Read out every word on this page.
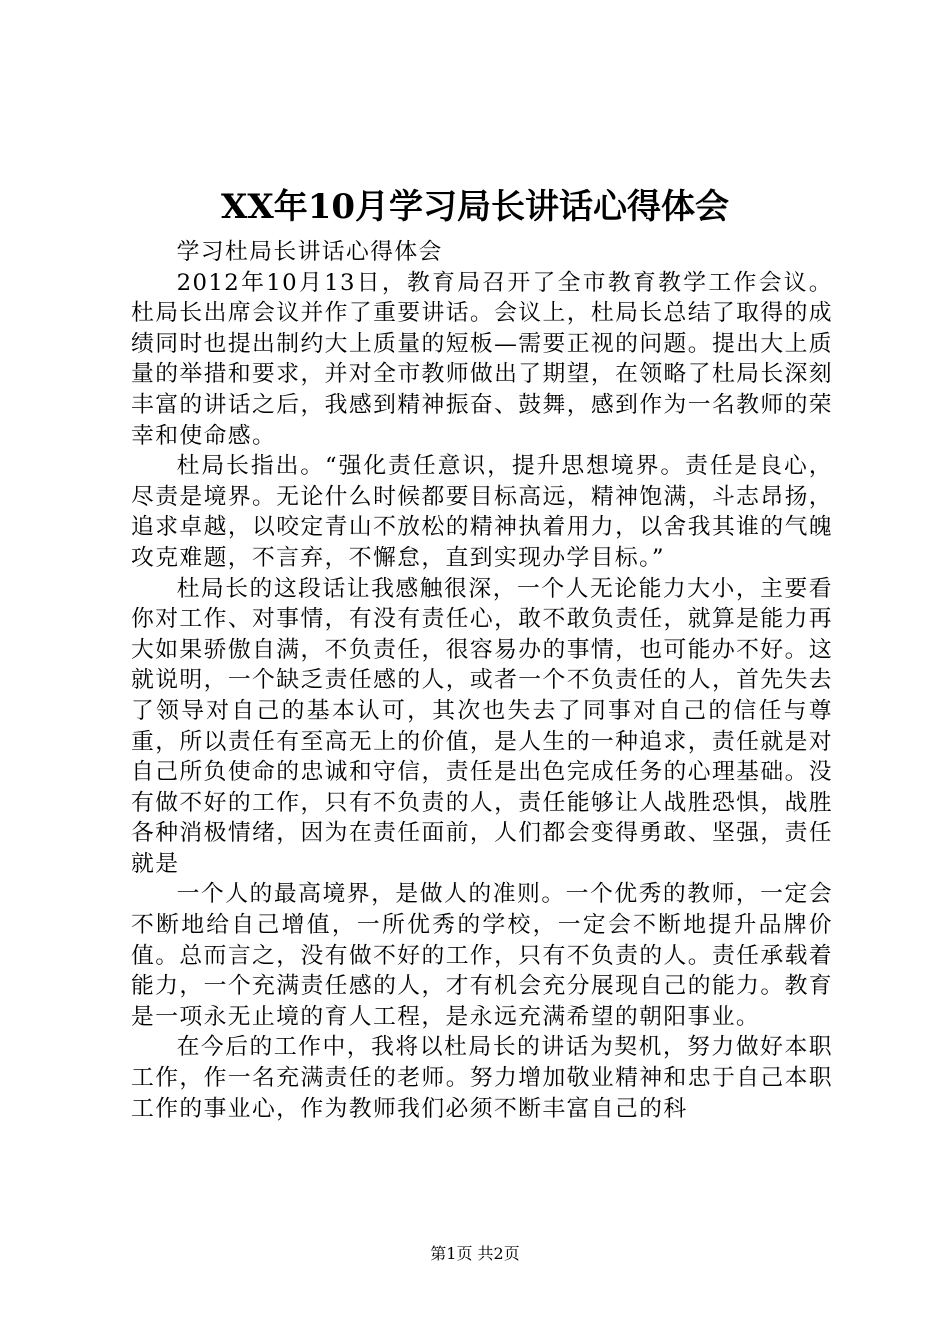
XX年10月学习局长讲话心得体会

学习杜局长讲话心得体会

2012年10月13日，教育局召开了全市教育教学工作会议。杜局长出席会议并作了重要讲话。会议上，杜局长总结了取得的成绩同时也提出制约大上质量的短板—需要正视的问题。提出大上质量的举措和要求，并对全市教师做出了期望，在领略了杜局长深刻丰富的讲话之后，我感到精神振奋、鼓舞，感到作为一名教师的荣幸和使命感。

杜局长指出。“强化责任意识，提升思想境界。责任是良心，尽责是境界。无论什么时候都要目标高远，精神饱满，斗志昂扬，追求卓越，以咬定青山不放松的精神执着用力，以舍我其谁的气魄攻克难题，不言弃，不懈怠，直到实现办学目标。”

杜局长的这段话让我感触很深，一个人无论能力大小，主要看你对工作、对事情，有没有责任心，敢不敢负责任，就算是能力再大如果骄傲自满，不负责任，很容易办的事情，也可能办不好。这就说明，一个缺乏责任感的人，或者一个不负责任的人，首先失去了领导对自己的基本认可，其次也失去了同事对自己的信任与尊重，所以责任有至高无上的价值，是人生的一种追求，责任就是对自己所负使命的忠诚和守信，责任是出色完成任务的心理基础。没有做不好的工作，只有不负责的人，责任能够让人战胜恐惧，战胜各种消极情绪，因为在责任面前，人们都会变得勇敢、坚强，责任就是

一个人的最高境界，是做人的准则。一个优秀的教师，一定会不断地给自己增值，一所优秀的学校，一定会不断地提升品牌价值。总而言之，没有做不好的工作，只有不负责的人。责任承载着能力，一个充满责任感的人，才有机会充分展现自己的能力。教育是一项永无止境的育人工程，是永远充满希望的朝阳事业。

在今后的工作中，我将以杜局长的讲话为契机，努力做好本职工作，作一名充满责任的老师。努力增加敬业精神和忠于自己本职工作的事业心，作为教师我们必须不断丰富自己的科

第1页 共2页
